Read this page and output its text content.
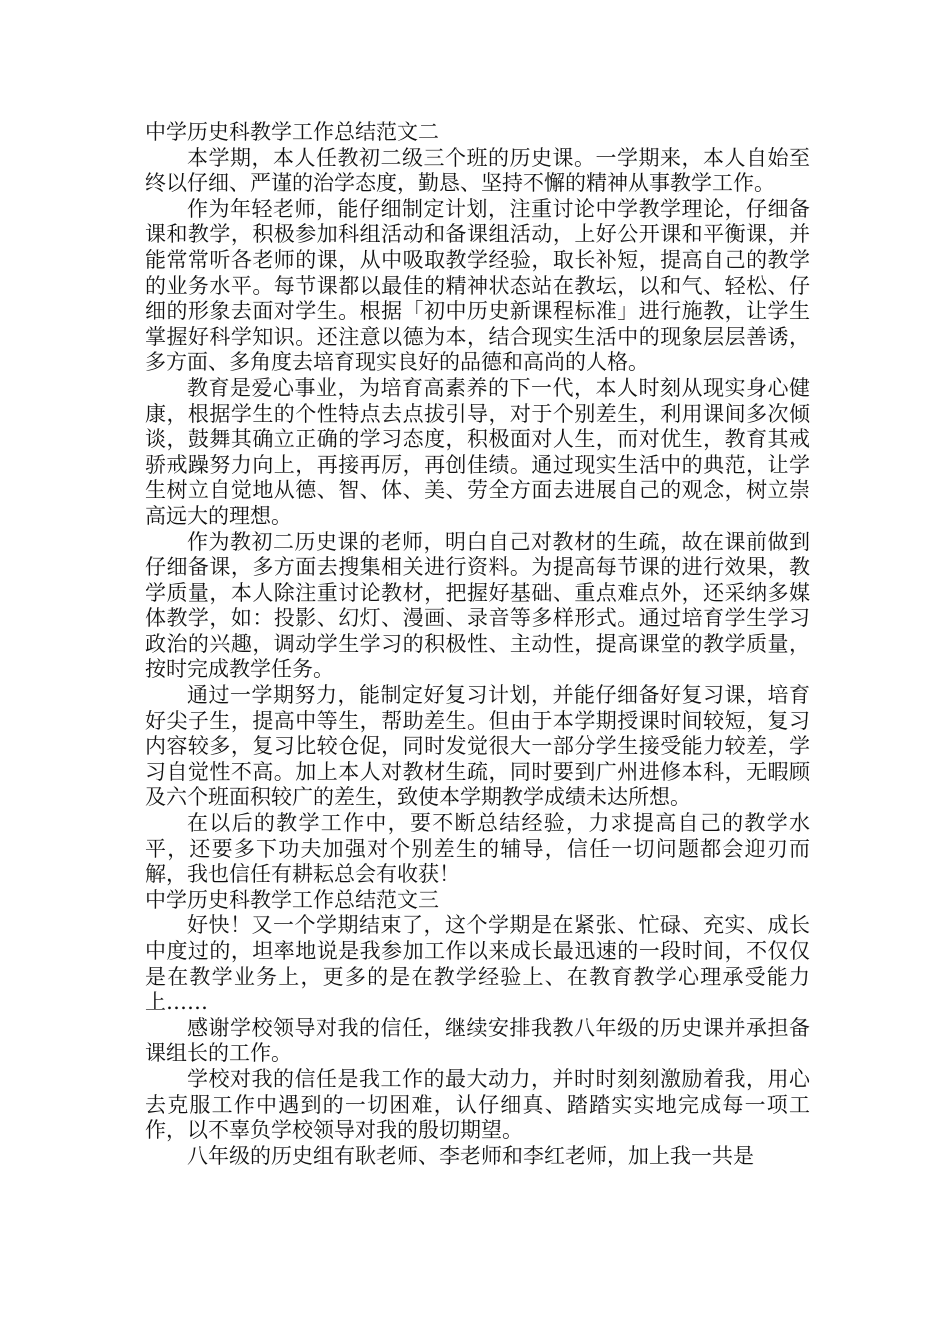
中学历史科教学工作总结范文二

本学期，本人任教初二级三个班的历史课。一学期来，本人自始至终以仔细、严谨的治学态度，勤恳、坚持不懈的精神从事教学工作。

作为年轻老师，能仔细制定计划，注重讨论中学教学理论，仔细备课和教学，积极参加科组活动和备课组活动，上好公开课和平衡课，并能常常听各老师的课，从中吸取教学经验，取长补短，提高自己的教学的业务水平。每节课都以最佳的精神状态站在教坛，以和气、轻松、仔细的形象去面对学生。根据「初中历史新课程标准」进行施教，让学生掌握好科学知识。还注意以德为本，结合现实生活中的现象层层善诱，多方面、多角度去培育现实良好的品德和高尚的人格。

教育是爱心事业，为培育高素养的下一代，本人时刻从现实身心健康，根据学生的个性特点去点拔引导，对于个别差生，利用课间多次倾谈，鼓舞其确立正确的学习态度，积极面对人生，而对优生，教育其戒骄戒躁努力向上，再接再厉，再创佳绩。通过现实生活中的典范，让学生树立自觉地从德、智、体、美、劳全方面去进展自己的观念，树立崇高远大的理想。

作为教初二历史课的老师，明白自己对教材的生疏，故在课前做到仔细备课，多方面去搜集相关进行资料。为提高每节课的进行效果，教学质量，本人除注重讨论教材，把握好基础、重点难点外，还采纳多媒体教学，如：投影、幻灯、漫画、录音等多样形式。通过培育学生学习政治的兴趣，调动学生学习的积极性、主动性，提高课堂的教学质量，按时完成教学任务。

通过一学期努力，能制定好复习计划，并能仔细备好复习课，培育好尖子生，提高中等生，帮助差生。但由于本学期授课时间较短，复习内容较多，复习比较仓促，同时发觉很大一部分学生接受能力较差，学习自觉性不高。加上本人对教材生疏，同时要到广州进修本科，无暇顾及六个班面积较广的差生，致使本学期教学成绩未达所想。

在以后的教学工作中，要不断总结经验，力求提高自己的教学水平，还要多下功夫加强对个别差生的辅导，信任一切问题都会迎刃而解，我也信任有耕耘总会有收获！

中学历史科教学工作总结范文三

好快！又一个学期结束了，这个学期是在紧张、忙碌、充实、成长中度过的，坦率地说是我参加工作以来成长最迅速的一段时间，不仅仅是在教学业务上，更多的是在教学经验上、在教育教学心理承受能力上……

感谢学校领导对我的信任，继续安排我教八年级的历史课并承担备课组长的工作。

学校对我的信任是我工作的最大动力，并时时刻刻激励着我，用心去克服工作中遇到的一切困难，认仔细真、踏踏实实地完成每一项工作，以不辜负学校领导对我的殷切期望。

八年级的历史组有耿老师、李老师和李红老师，加上我一共是
